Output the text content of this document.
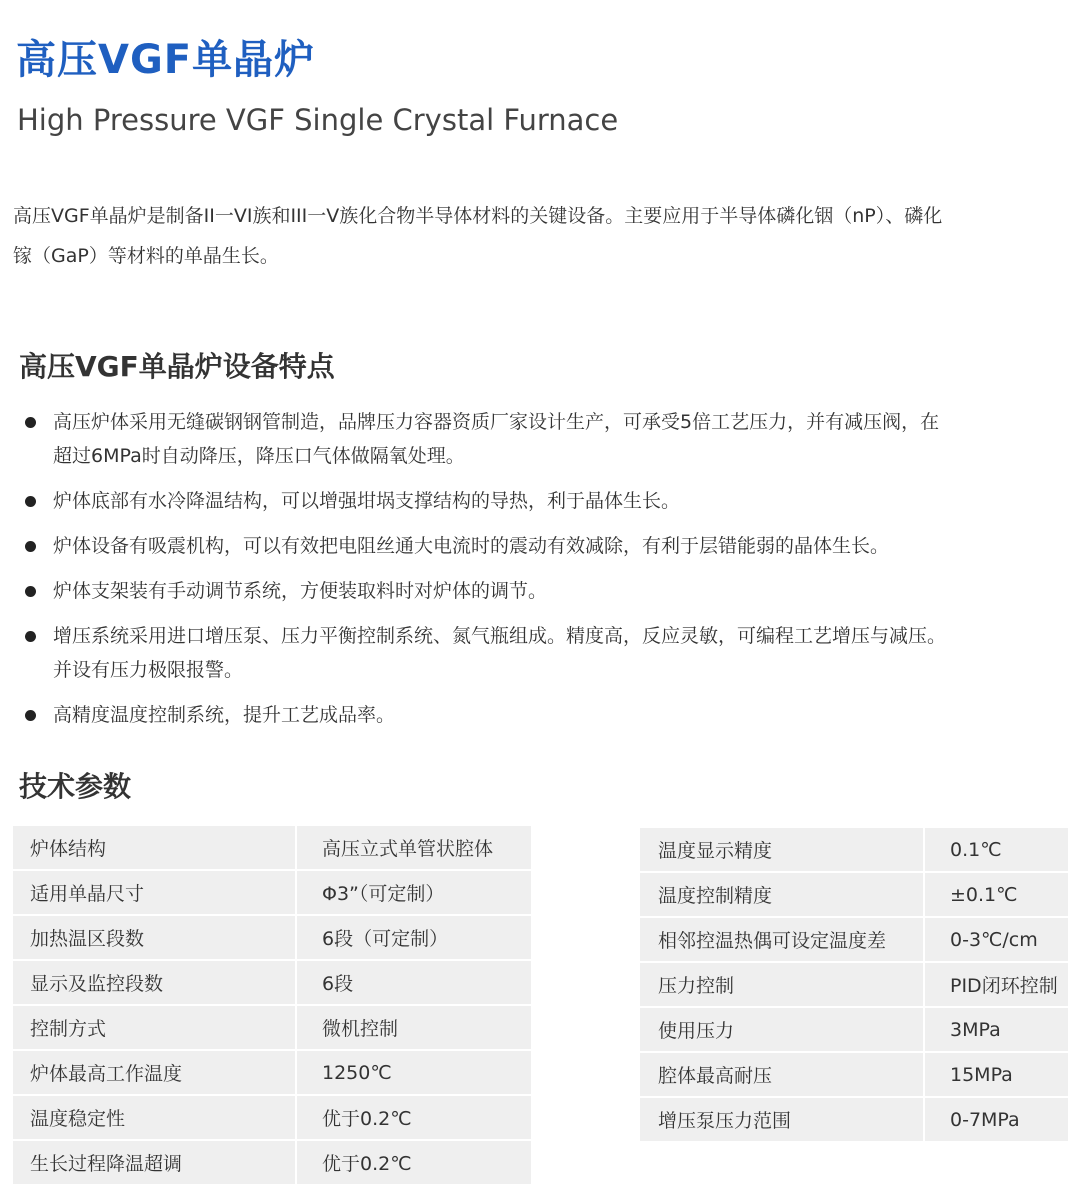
高压VGF单晶炉
High Pressure VGF Single Crystal Furnace

高压VGF单晶炉是制备II一VI族和III一V族化合物半导体材料的关键设备。主要应用于半导体磷化铟（nP）、磷化镓（GaP）等材料的单晶生长。

高压VGF单晶炉设备特点
高压炉体采用无缝碳钢钢管制造，品牌压力容器资质厂家设计生产，可承受5倍工艺压力，并有减压阀，在超过6MPa时自动降压，降压口气体做隔氧处理。
炉体底部有水冷降温结构，可以增强坩埚支撑结构的导热，利于晶体生长。
炉体设备有吸震机构，可以有效把电阻丝通大电流时的震动有效减除，有利于层错能弱的晶体生长。
炉体支架装有手动调节系统，方便装取料时对炉体的调节。
增压系统采用进口增压泵、压力平衡控制系统、氮气瓶组成。精度高，反应灵敏，可编程工艺增压与减压。并设有压力极限报警。
高精度温度控制系统，提升工艺成品率。
技术参数
炉体结构	高压立式单管状腔体
适用单晶尺寸	Φ3”（可定制）
加热温区段数	6段（可定制）
显示及监控段数	6段
控制方式	微机控制
炉体最高工作温度	1250℃
温度稳定性	优于0.2℃
生长过程降温超调	优于0.2℃
温度显示精度	0.1℃
温度控制精度	±0.1℃
相邻控温热偶可设定温度差	0-3℃/cm
压力控制	PID闭环控制
使用压力	3MPa
腔体最高耐压	15MPa
增压泵压力范围	0-7MPa
